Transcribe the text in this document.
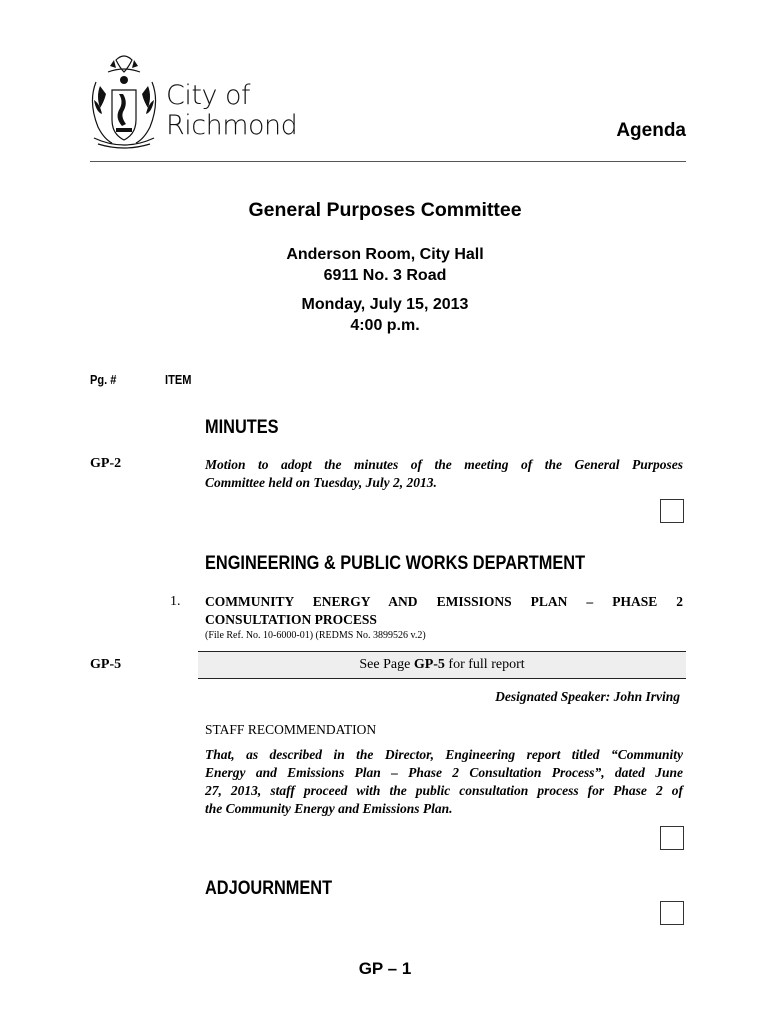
City of
Richmond	Agenda
General Purposes Committee
Anderson Room, City Hall
6911 No. 3 Road
Monday, July 15, 2013
4:00 p.m.
Pg. #	ITEM
MINUTES
GP-2	Motion to adopt the minutes of the meeting of the General Purposes
Committee held on Tuesday, July 2, 2013.
ENGINEERING & PUBLIC WORKS DEPARTMENT
1. COMMUNITY ENERGY AND EMISSIONS PLAN – PHASE 2
CONSULTATION PROCESS
(File Ref. No. 10-6000-01) (REDMS No. 3899526 v.2)
GP-5	See Page GP-5 for full report
Designated Speaker: John Irving
STAFF RECOMMENDATION
That, as described in the Director, Engineering report titled “Community
Energy and Emissions Plan – Phase 2 Consultation Process”, dated June
27, 2013, staff proceed with the public consultation process for Phase 2 of
the Community Energy and Emissions Plan.
ADJOURNMENT
GP – 1
